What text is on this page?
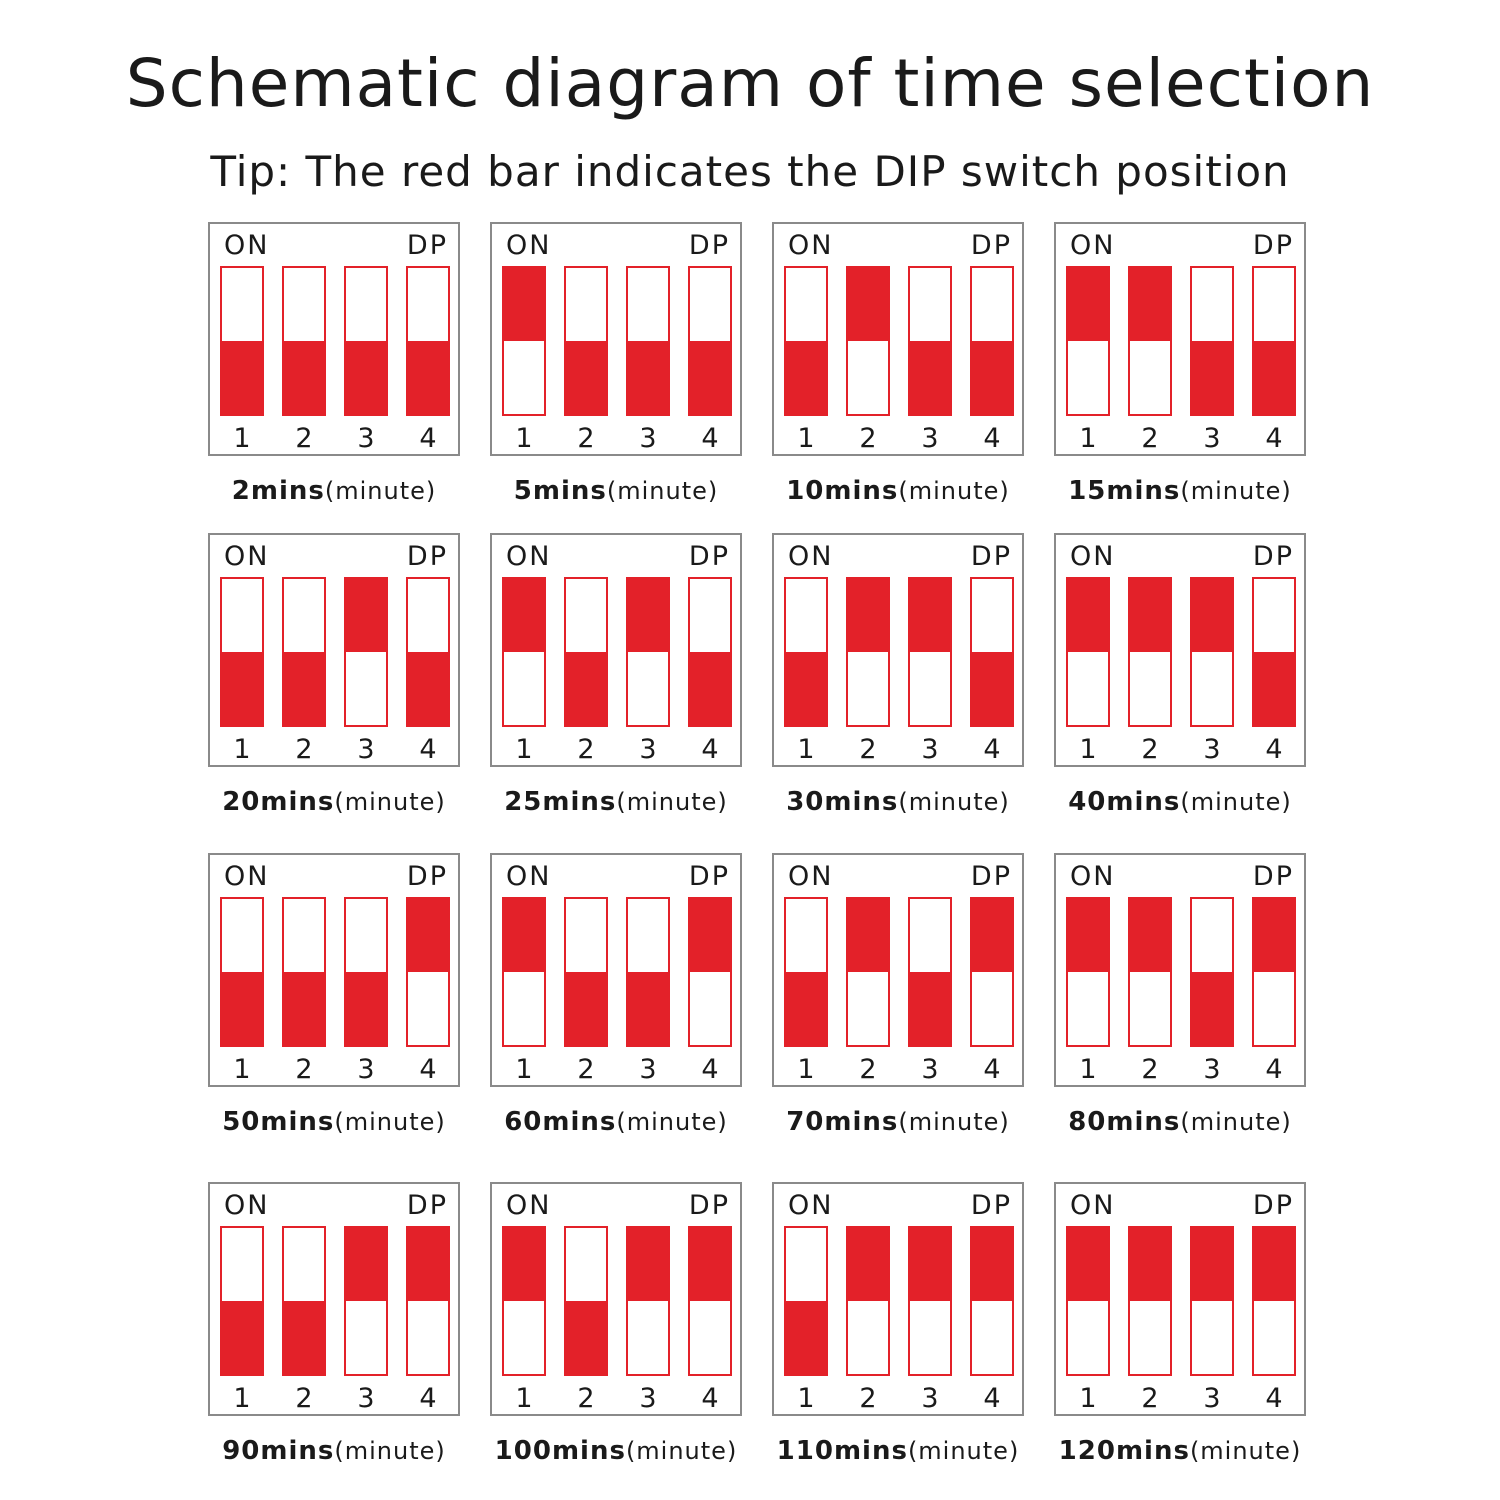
Schematic diagram of time selection
Tip: The red bar indicates the DIP switch position
ON	DP
1	2	3	4
2mins(minute)
ON	DP
1	2	3	4
5mins(minute)
ON	DP
1	2	3	4
10mins(minute)
ON	DP
1	2	3	4
15mins(minute)
ON	DP
1	2	3	4
20mins(minute)
ON	DP
1	2	3	4
25mins(minute)
ON	DP
1	2	3	4
30mins(minute)
ON	DP
1	2	3	4
40mins(minute)
ON	DP
1	2	3	4
50mins(minute)
ON	DP
1	2	3	4
60mins(minute)
ON	DP
1	2	3	4
70mins(minute)
ON	DP
1	2	3	4
80mins(minute)
ON	DP
1	2	3	4
90mins(minute)
ON	DP
1	2	3	4
100mins(minute)
ON	DP
1	2	3	4
110mins(minute)
ON	DP
1	2	3	4
120mins(minute)
